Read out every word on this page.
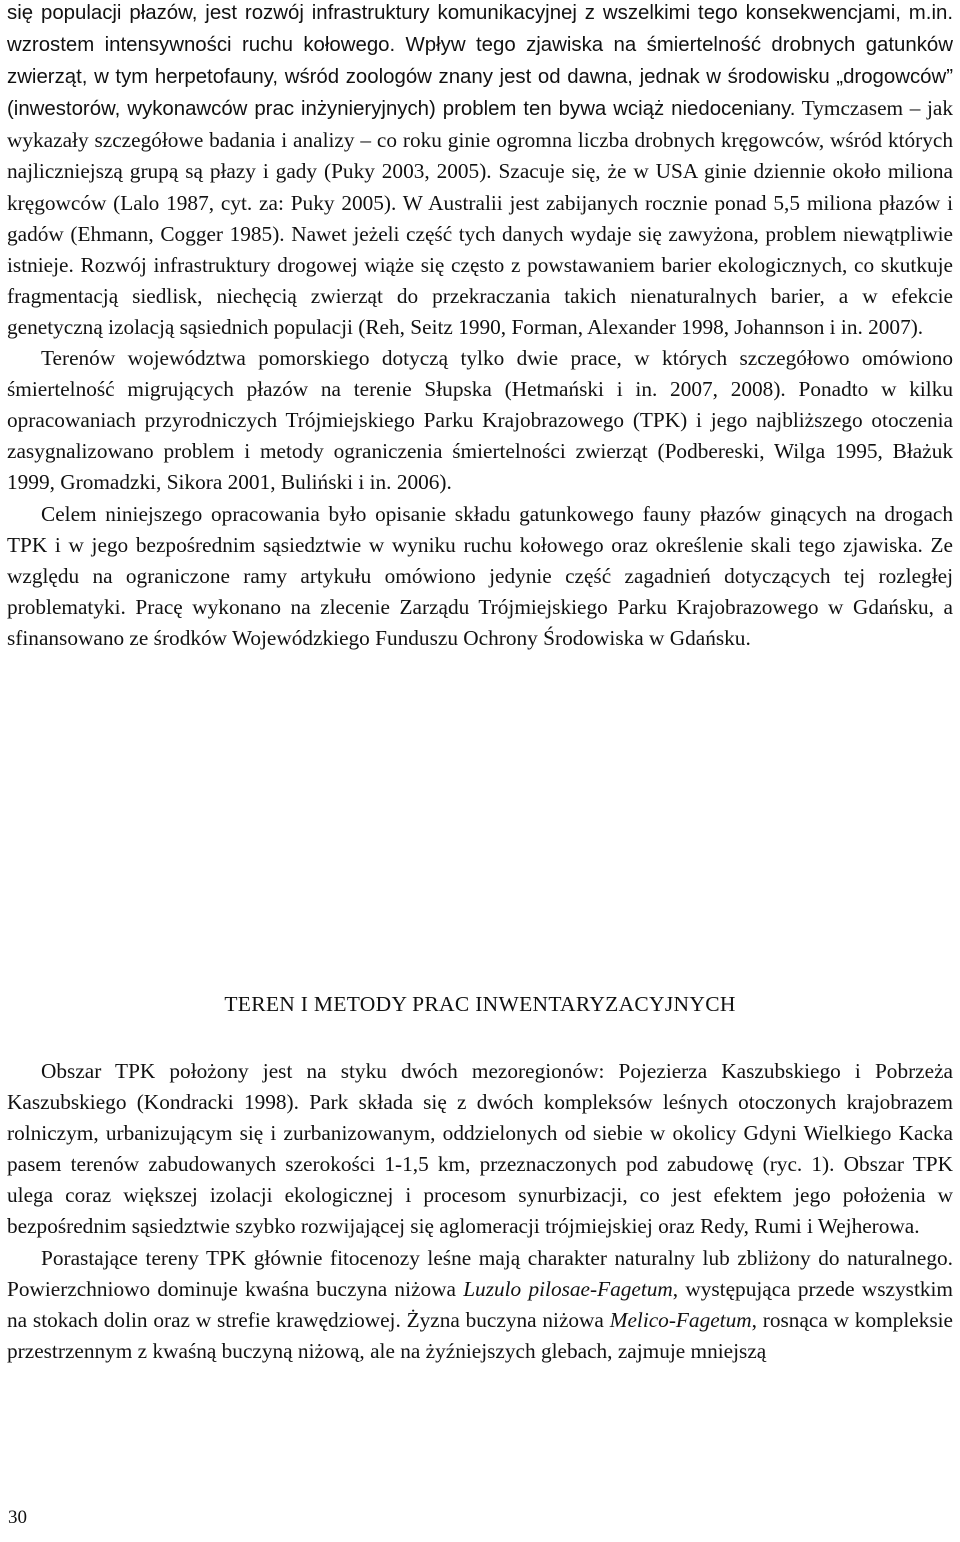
się populacji płazów, jest rozwój infrastruktury komunikacyjnej z wszelkimi tego konsekwencjami, m.in. wzrostem intensywności ruchu kołowego. Wpływ tego zjawiska na śmiertelność drobnych gatunków zwierząt, w tym herpetofauny, wśród zoologów znany jest od dawna, jednak w środowisku „drogowców” (inwestorów, wykonawców prac inżynieryjnych) problem ten bywa wciąż niedoceniany. Tymczasem – jak wykazały szczegółowe badania i analizy – co roku ginie ogromna liczba drobnych kręgowców, wśród których najliczniejszą grupą są płazy i gady (Puky 2003, 2005). Szacuje się, że w USA ginie dziennie około miliona kręgowców (Lalo 1987, cyt. za: Puky 2005). W Australii jest zabijanych rocznie ponad 5,5 miliona płazów i gadów (Ehmann, Cogger 1985). Nawet jeżeli część tych danych wydaje się zawyżona, problem niewątpliwie istnieje. Rozwój infrastruktury drogowej wiąże się często z powstawaniem barier ekologicznych, co skutkuje fragmentacją siedlisk, niechęcią zwierząt do przekraczania takich nienaturalnych barier, a w efekcie genetyczną izolacją sąsiednich populacji (Reh, Seitz 1990, Forman, Alexander 1998, Johannson i in. 2007).

Terenów województwa pomorskiego dotyczą tylko dwie prace, w których szczegółowo omówiono śmiertelność migrujących płazów na terenie Słupska (Hetmański i in. 2007, 2008). Ponadto w kilku opracowaniach przyrodniczych Trójmiejskiego Parku Krajobrazowego (TPK) i jego najbliższego otoczenia zasygnalizowano problem i metody ograniczenia śmiertelności zwierząt (Podbereski, Wilga 1995, Błażuk 1999, Gromadzki, Sikora 2001, Buliński i in. 2006).

Celem niniejszego opracowania było opisanie składu gatunkowego fauny płazów ginących na drogach TPK i w jego bezpośrednim sąsiedztwie w wyniku ruchu kołowego oraz określenie skali tego zjawiska. Ze względu na ograniczone ramy artykułu omówiono jedynie część zagadnień dotyczących tej rozległej problematyki. Pracę wykonano na zlecenie Zarządu Trójmiejskiego Parku Krajobrazowego w Gdańsku, a sfinansowano ze środków Wojewódzkiego Funduszu Ochrony Środowiska w Gdańsku.

TEREN I METODY PRAC INWENTARYZACYJNYCH

Obszar TPK położony jest na styku dwóch mezoregionów: Pojezierza Kaszubskiego i Pobrzeża Kaszubskiego (Kondracki 1998). Park składa się z dwóch kompleksów leśnych otoczonych krajobrazem rolniczym, urbanizującym się i zurbanizowanym, oddzielonych od siebie w okolicy Gdyni Wielkiego Kacka pasem terenów zabudowanych szerokości 1-1,5 km, przeznaczonych pod zabudowę (ryc. 1). Obszar TPK ulega coraz większej izolacji ekologicznej i procesom synurbizacji, co jest efektem jego położenia w bezpośrednim sąsiedztwie szybko rozwijającej się aglomeracji trójmiejskiej oraz Redy, Rumi i Wejherowa.

Porastające tereny TPK głównie fitocenozy leśne mają charakter naturalny lub zbliżony do naturalnego. Powierzchniowo dominuje kwaśna buczyna niżowa Luzulo pilosae-Fagetum, występująca przede wszystkim na stokach dolin oraz w strefie krawędziowej. Żyzna buczyna niżowa Melico-Fagetum, rosnąca w kompleksie przestrzennym z kwaśną buczyną niżową, ale na żyźniejszych glebach, zajmuje mniejszą

30
